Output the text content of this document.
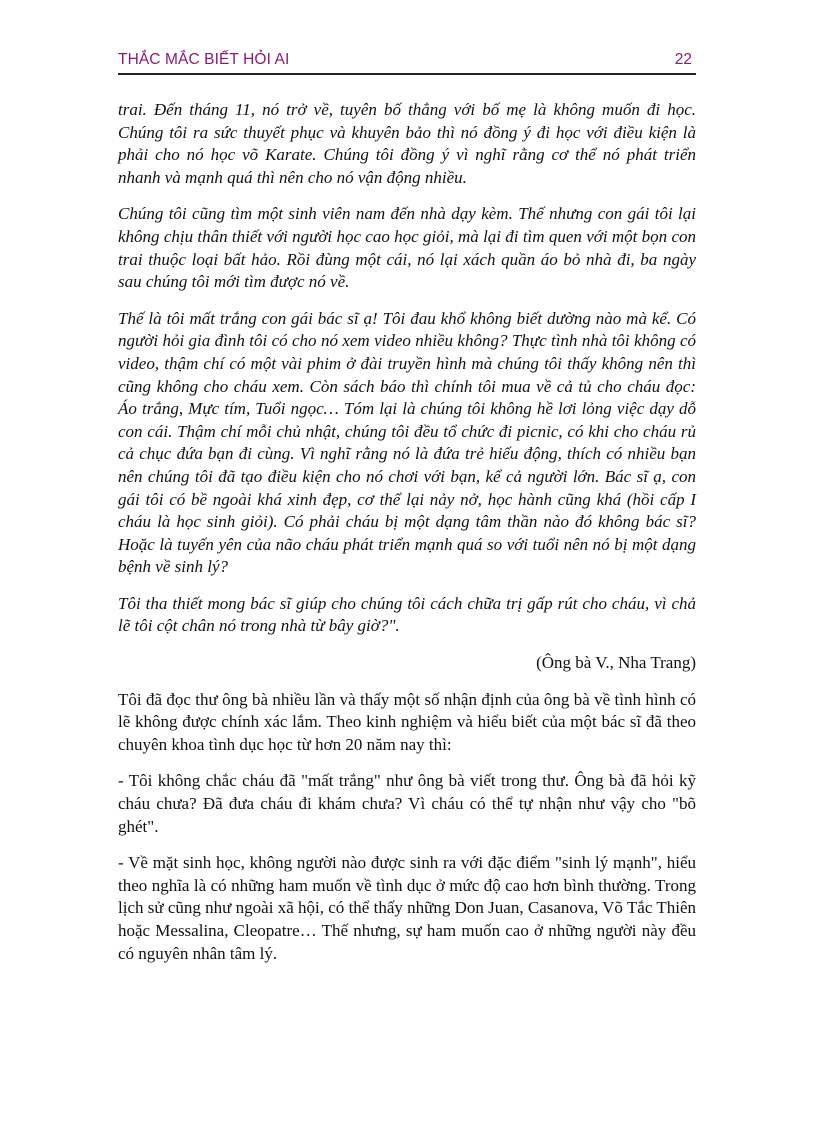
THẮC MẮC BIẾT HỎI AI	22

trai. Đến tháng 11, nó trở về, tuyên bố thẳng với bố mẹ là không muốn đi học. Chúng tôi ra sức thuyết phục và khuyên bảo thì nó đồng ý đi học với điều kiện là phải cho nó học võ Karate. Chúng tôi đồng ý vì nghĩ rằng cơ thể nó phát triển nhanh và mạnh quá thì nên cho nó vận động nhiều.

Chúng tôi cũng tìm một sinh viên nam đến nhà dạy kèm. Thế nhưng con gái tôi lại không chịu thân thiết với người học cao học giỏi, mà lại đi tìm quen với một bọn con trai thuộc loại bất hảo. Rồi đùng một cái, nó lại xách quần áo bỏ nhà đi, ba ngày sau chúng tôi mới tìm được nó về.

Thế là tôi mất trắng con gái bác sĩ ạ! Tôi đau khổ không biết dường nào mà kể. Có người hỏi gia đình tôi có cho nó xem video nhiều không? Thực tình nhà tôi không có video, thậm chí có một vài phim ở đài truyền hình mà chúng tôi thấy không nên thì cũng không cho cháu xem. Còn sách báo thì chính tôi mua về cả tủ cho cháu đọc: Áo trắng, Mực tím, Tuổi ngọc… Tóm lại là chúng tôi không hề lơi lỏng việc dạy dỗ con cái. Thậm chí mỗi chủ nhật, chúng tôi đều tổ chức đi picnic, có khi cho cháu rủ cả chục đứa bạn đi cùng. Vì nghĩ rằng nó là đứa trẻ hiếu động, thích có nhiều bạn nên chúng tôi đã tạo điều kiện cho nó chơi với bạn, kể cả người lớn. Bác sĩ ạ, con gái tôi có bề ngoài khá xinh đẹp, cơ thể lại nảy nở, học hành cũng khá (hồi cấp I cháu là học sinh giỏi). Có phải cháu bị một dạng tâm thần nào đó không bác sĩ? Hoặc là tuyến yên của não cháu phát triển mạnh quá so với tuổi nên nó bị một dạng bệnh về sinh lý?

Tôi tha thiết mong bác sĩ giúp cho chúng tôi cách chữa trị gấp rút cho cháu, vì chả lẽ tôi cột chân nó trong nhà từ bây giờ?".

(Ông bà V., Nha Trang)

Tôi đã đọc thư ông bà nhiều lần và thấy một số nhận định của ông bà về tình hình có lẽ không được chính xác lắm. Theo kinh nghiệm và hiểu biết của một bác sĩ đã theo chuyên khoa tình dục học từ hơn 20 năm nay thì:

- Tôi không chắc cháu đã "mất trắng" như ông bà viết trong thư. Ông bà đã hỏi kỹ cháu chưa? Đã đưa cháu đi khám chưa? Vì cháu có thể tự nhận như vậy cho "bõ ghét".

- Về mặt sinh học, không người nào được sinh ra với đặc điểm "sinh lý mạnh", hiểu theo nghĩa là có những ham muốn về tình dục ở mức độ cao hơn bình thường. Trong lịch sử cũng như ngoài xã hội, có thể thấy những Don Juan, Casanova, Võ Tắc Thiên hoặc Messalina, Cleopatre… Thế nhưng, sự ham muốn cao ở những người này đều có nguyên nhân tâm lý.
